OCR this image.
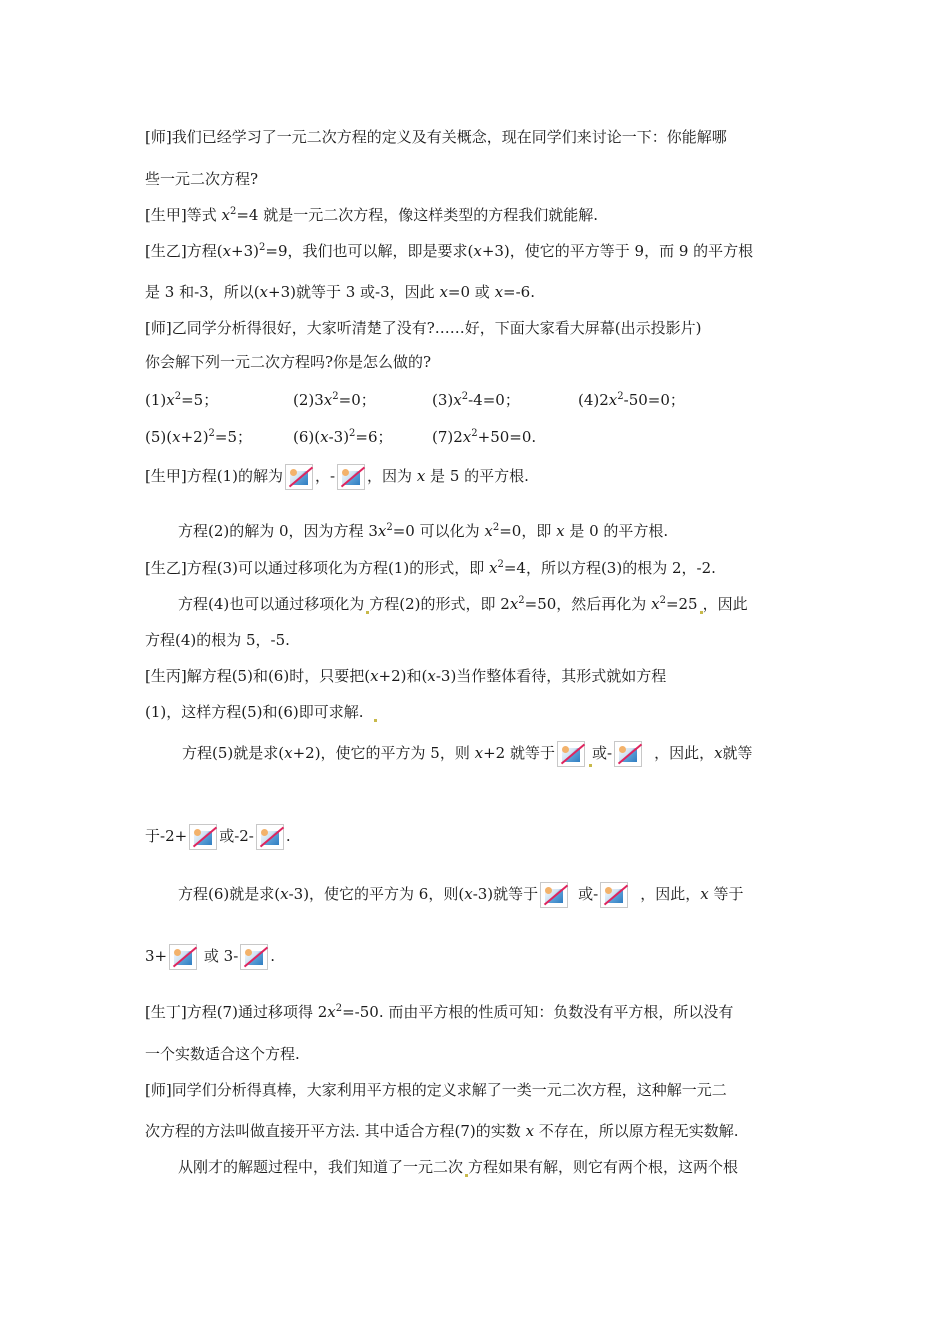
[师]我们已经学习了一元二次方程的定义及有关概念，现在同学们来讨论一下：你能解哪
些一元二次方程?
[生甲]等式 $x^2=4$ 就是一元二次方程，像这样类型的方程我们就能解.
[生乙]方程$(x+3)^2=9$，我们也可以解，即是要求(x+3)，使它的平方等于 9，而 9 的平方根
是 3 和-3，所以(x+3)就等于 3 或-3，因此 x=0 或 x=-6.
[师]乙同学分析得很好，大家听清楚了没有?……好，下面大家看大屏幕(出示投影片)
你会解下列一元二次方程吗?你是怎么做的?
$(1)x^2=5$；	$(2)3x^2=0$；	$(3)x^2-4=0$；	$(4)2x^2-50=0$；
$(5)(x+2)^2=5$；	$(6)(x-3)^2=6$；	$(7)2x^2+50=0$.
[生甲]方程(1)的解为 ，- ，因为 x 是 5 的平方根.
方程(2)的解为 0，因为方程 $3x^2=0$ 可以化为 $x^2=0$，即 x 是 0 的平方根.
[生乙]方程(3)可以通过移项化为方程(1)的形式，即 $x^2=4$，所以方程(3)的根为 2，-2.
方程(4)也可以通过移项化为 方程(2)的形式，即 $2x^2=50$，然后再化为 $x^2=25$ ，因此
方程(4)的根为 5，-5.
[生丙]解方程(5)和(6)时，只要把(x+2)和(x-3)当作整体看待，其形式就如方程
(1)，这样方程(5)和(6)即可求解.
方程(5)就是求(x+2)，使它的平方为 5，则 x+2 就等于 或-	，因此，x就等
于-2+ 或-2- .
方程(6)就是求(x-3)，使它的平方为 6，则(x-3)就等于	或-	，因此，x 等于
3+
或 3- .
[生丁]方程(7)通过移项得 $2x^2=-50$. 而由平方根的性质可知：负数没有平方根，所以没有
一个实数适合这个方程.
[师]同学们分析得真棒，大家利用平方根的定义求解了一类一元二次方程，这种解一元二
次方程的方法叫做直接开平方法. 其中适合方程(7)的实数 x 不存在，所以原方程无实数解.
从刚才的解题过程中，我们知道了一元二次 方程如果有解，则它有两个根，这两个根
